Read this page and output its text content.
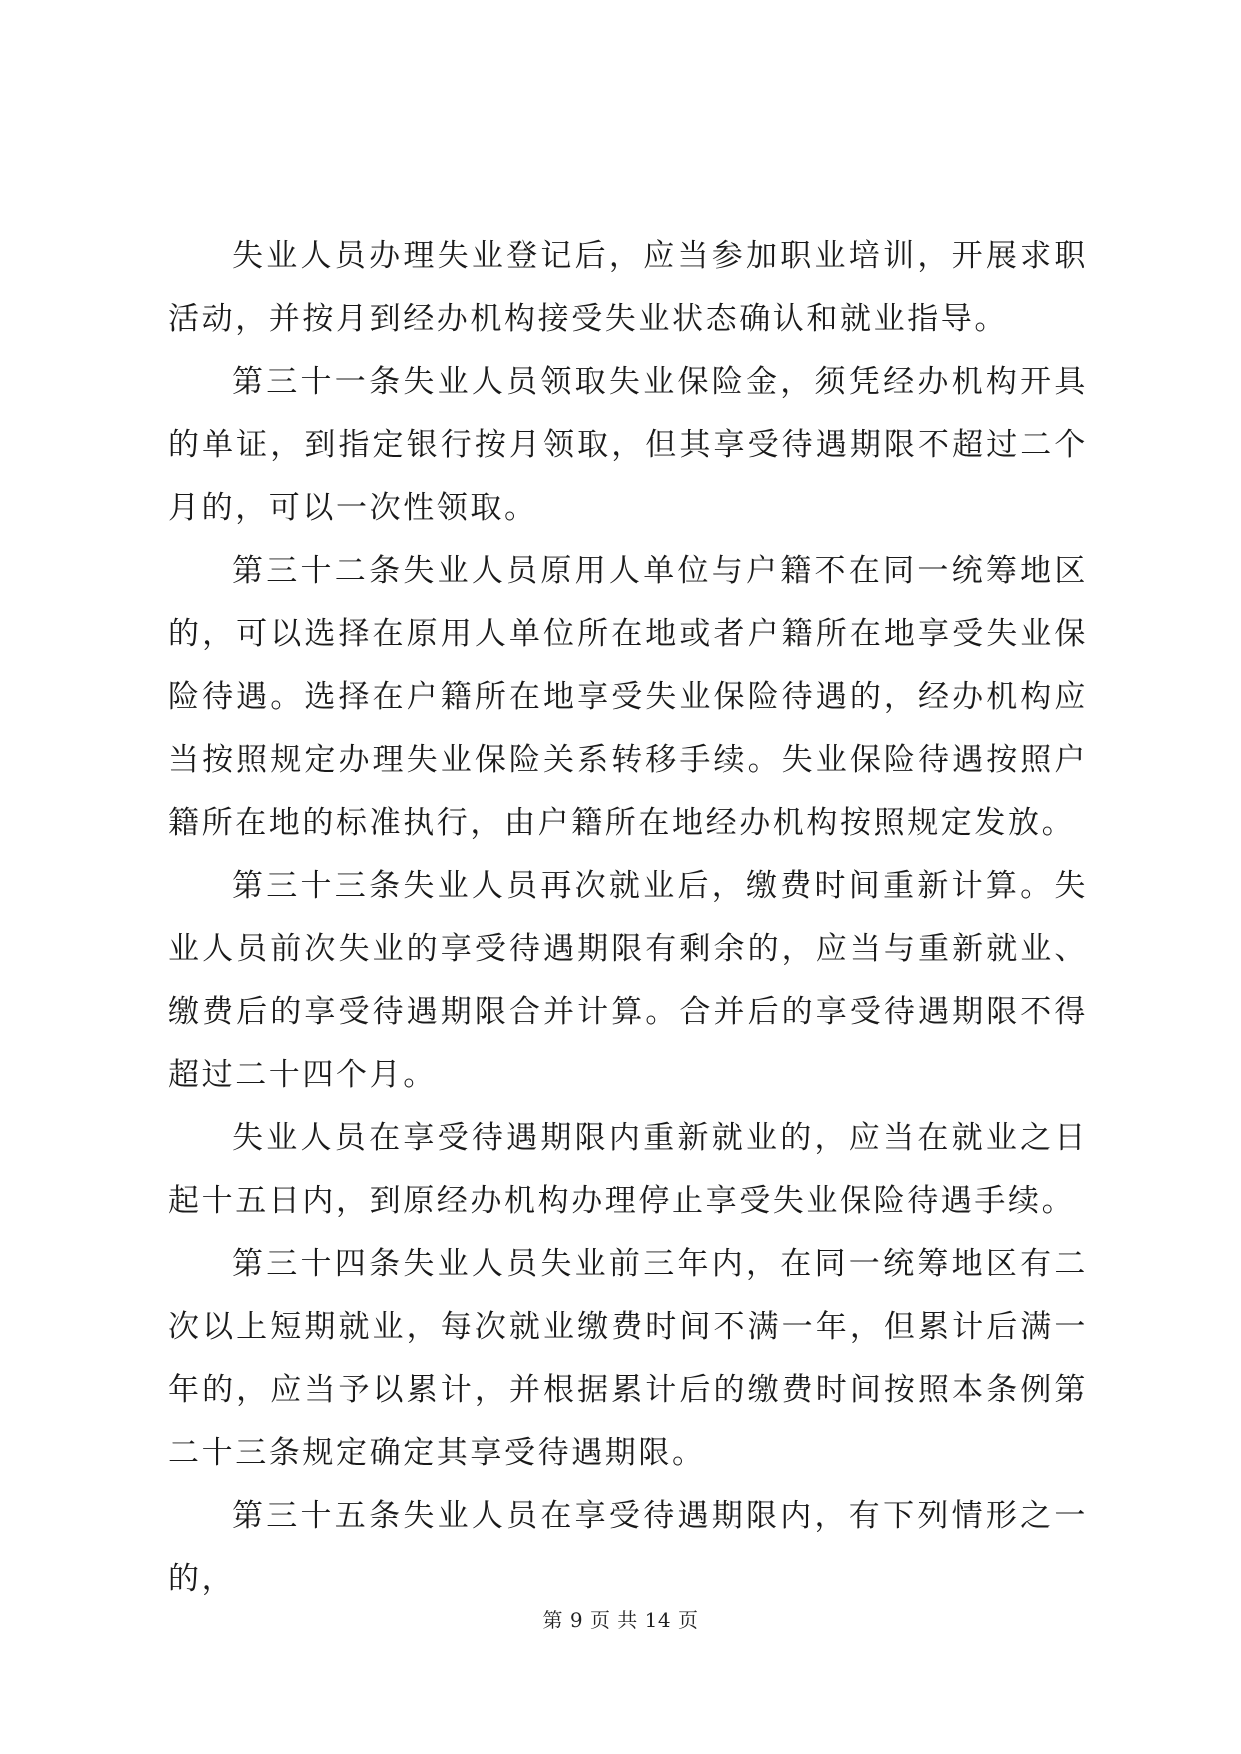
失业人员办理失业登记后，应当参加职业培训，开展求职活动，并按月到经办机构接受失业状态确认和就业指导。

第三十一条失业人员领取失业保险金，须凭经办机构开具的单证，到指定银行按月领取，但其享受待遇期限不超过二个月的，可以一次性领取。

第三十二条失业人员原用人单位与户籍不在同一统筹地区的，可以选择在原用人单位所在地或者户籍所在地享受失业保险待遇。选择在户籍所在地享受失业保险待遇的，经办机构应当按照规定办理失业保险关系转移手续。失业保险待遇按照户籍所在地的标准执行，由户籍所在地经办机构按照规定发放。

第三十三条失业人员再次就业后，缴费时间重新计算。失业人员前次失业的享受待遇期限有剩余的，应当与重新就业、缴费后的享受待遇期限合并计算。合并后的享受待遇期限不得超过二十四个月。

失业人员在享受待遇期限内重新就业的，应当在就业之日起十五日内，到原经办机构办理停止享受失业保险待遇手续。

第三十四条失业人员失业前三年内，在同一统筹地区有二次以上短期就业，每次就业缴费时间不满一年，但累计后满一年的，应当予以累计，并根据累计后的缴费时间按照本条例第二十三条规定确定其享受待遇期限。

第三十五条失业人员在享受待遇期限内，有下列情形之一的，

第 9 页 共 14 页
